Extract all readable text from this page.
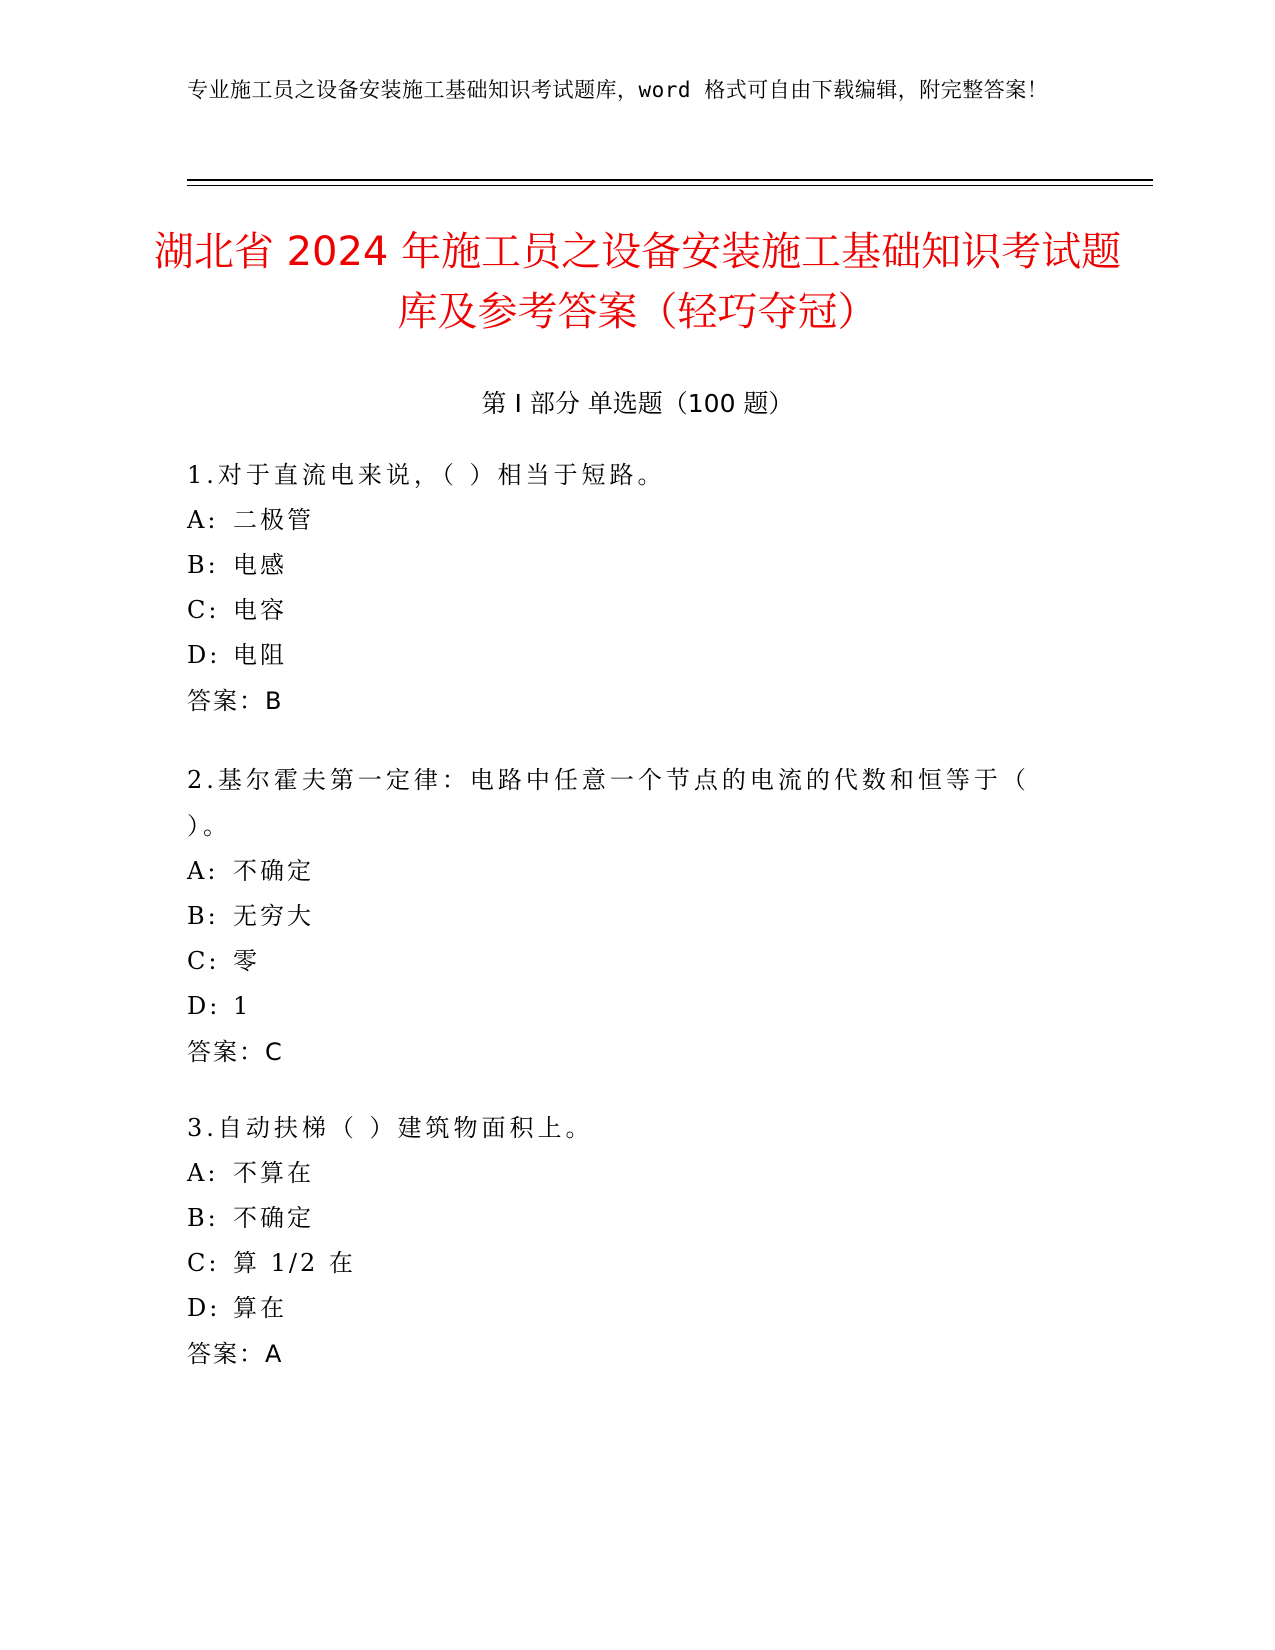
专业施工员之设备安装施工基础知识考试题库，word 格式可自由下载编辑，附完整答案！
湖北省 2024 年施工员之设备安装施工基础知识考试题库及参考答案（轻巧夺冠）
第 I 部分 单选题（100 题）
1.对于直流电来说，（ ）相当于短路。
A: 二极管
B: 电感
C: 电容
D: 电阻
答案：B
2.基尔霍夫第一定律：电路中任意一个节点的电流的代数和恒等于（ ）。
A: 不确定
B: 无穷大
C: 零
D: 1
答案：C
3.自动扶梯（ ）建筑物面积上。
A: 不算在
B: 不确定
C: 算 1/2 在
D: 算在
答案：A
